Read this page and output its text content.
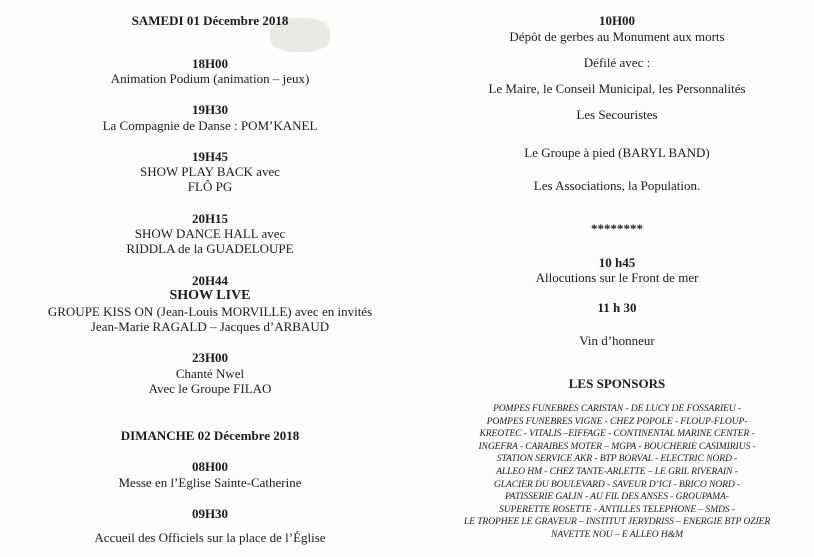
SAMEDI 01 Décembre 2018
18H00
Animation Podium (animation – jeux)
19H30
La Compagnie de Danse : POM’KANEL
19H45
SHOW PLAY BACK avec
FLÔ PG
20H15
SHOW DANCE HALL avec
RIDDLA de la GUADELOUPE
20H44
SHOW LIVE
GROUPE KISS ON (Jean-Louis MORVILLE) avec en invités
Jean-Marie RAGALD – Jacques d’ARBAUD
23H00
Chanté Nwel
Avec le Groupe FILAO
DIMANCHE 02 Décembre 2018
08H00
Messe en l’Eglise Sainte-Catherine
09H30
Accueil des Officiels sur la place de l’Église
10H00
Dépôt de gerbes au Monument aux morts
Défilé avec :
Le Maire, le Conseil Municipal, les Personnalités
Les Secouristes
Le Groupe à pied (BARYL BAND)
Les Associations, la Population.
********
10 h45
Allocutions sur le Front de mer
11 h 30
Vin d’honneur
LES SPONSORS
POMPES FUNEBRES CARISTAN - DE LUCY DE FOSSARIEU -
POMPES FUNEBRES VIGNE - CHEZ POPOLE - FLOUP-FLOUP-
KREOTEC - VITALIS –EIFFAGE - CONTINENTAL MARINE CENTER -
INGEFRA - CARAIBES MOTER – MGPA - BOUCHERIE CASIMIRIUS -
STATION SERVICE AKR - BTP BORVAL - ELECTRIC NORD -
ALLEO HM - CHEZ TANTE-ARLETTE – LE GRIL RIVERAIN -
GLACIER DU BOULEVARD - SAVEUR D’ICI - BRICO NORD -
PATISSERIE GALIN - AU FIL DES ANSES - GROUPAMA-
SUPERETTE ROSETTE - ANTILLES TELEPHONE – SMDS -
LE TROPHEE LE GRAVEUR – INSTITUT JERYDRISS – ENERGIE BTP OZIER
NAVETTE NOU – E ALLEO H&M
